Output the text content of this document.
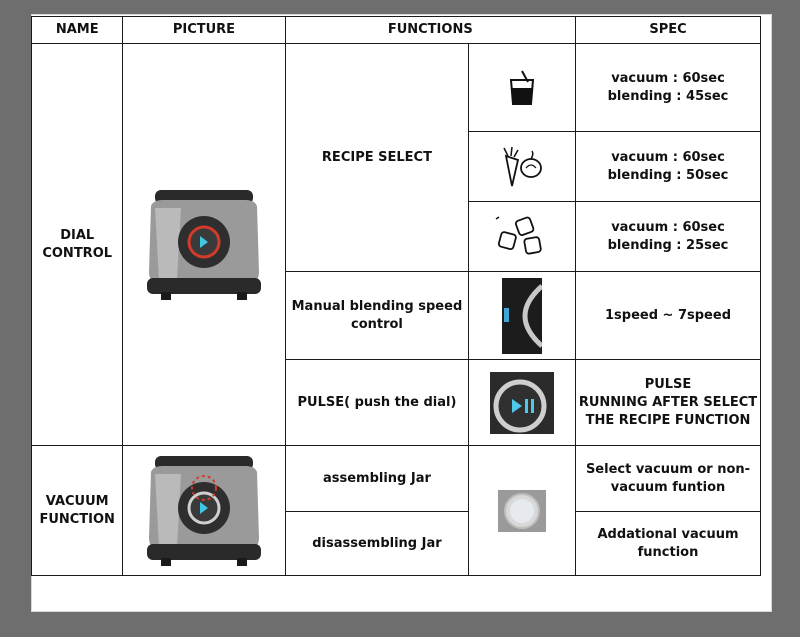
NAME	PICTURE	FUNCTIONS		SPEC
DIAL
CONTROL		RECIPE SELECT		vacuum : 60sec
blending : 45sec

	vacuum : 60sec
blending : 50sec

	vacuum : 60sec
blending : 25sec
		Manual blending speed
control		1speed ~ 7speed
		PULSE( push the dial)		PULSE
RUNNING AFTER SELECT
THE RECIPE FUNCTION
VACUUM
FUNCTION		assembling Jar		Select vacuum or non-
vacuum funtion
		disassembling Jar		Addational vacuum
function
